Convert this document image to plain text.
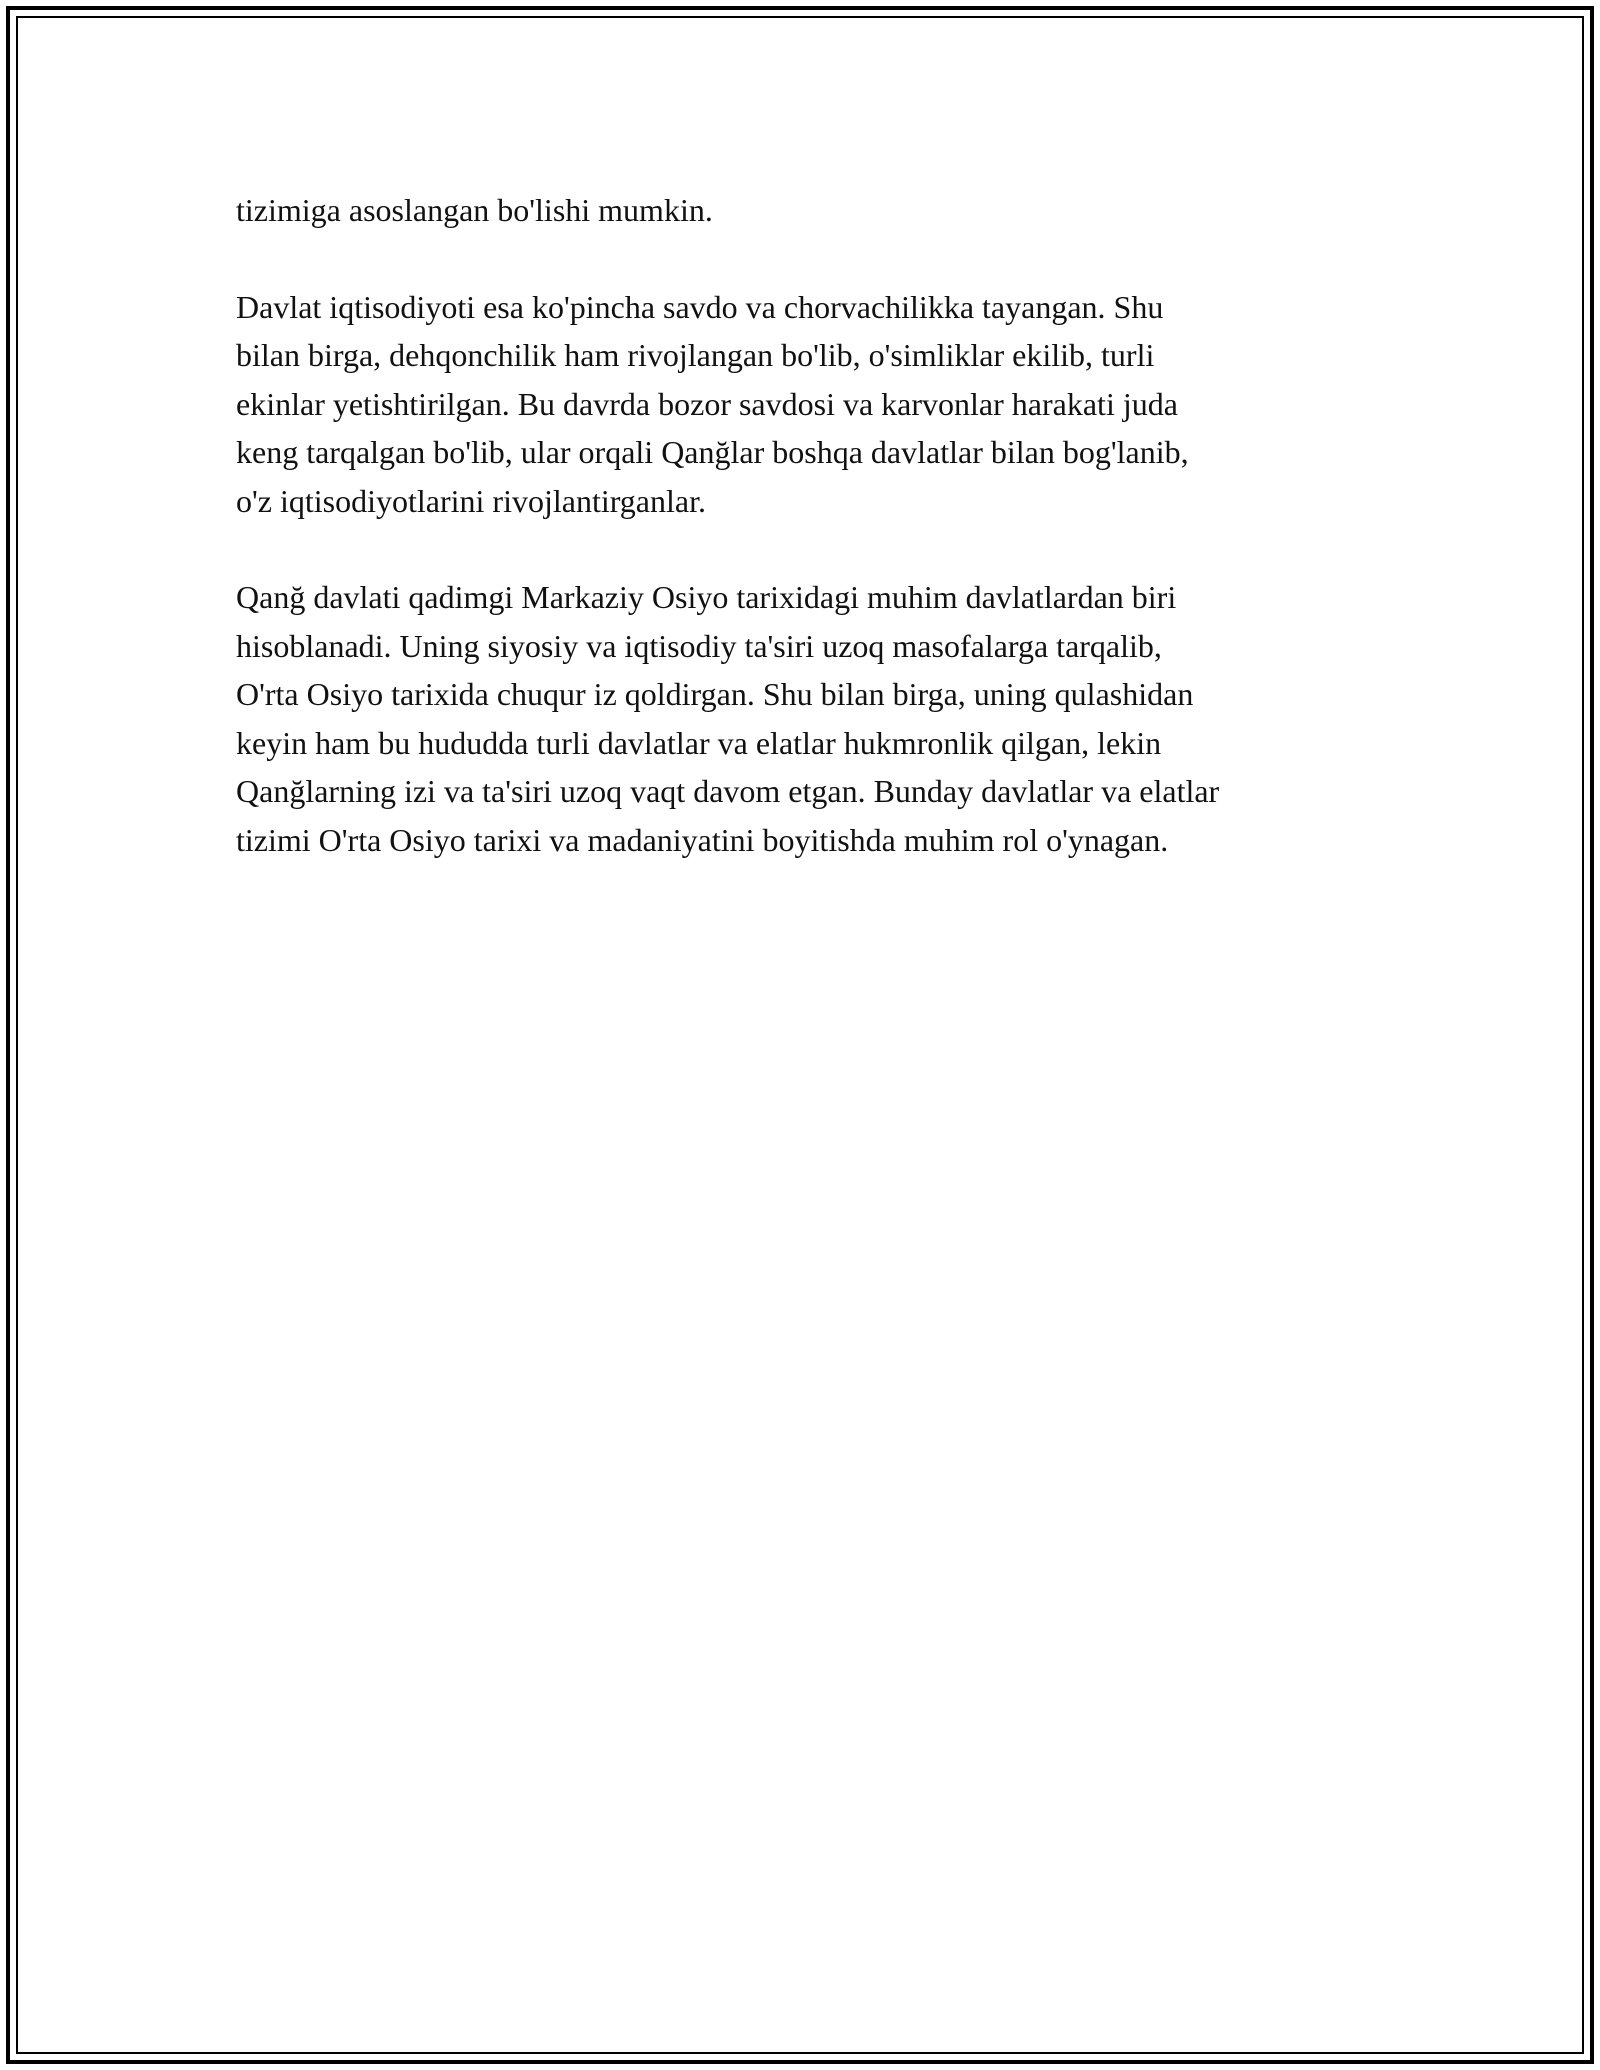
tizimiga asoslangan bo'lishi mumkin.

Davlat iqtisodiyoti esa ko'pincha savdo va chorvachilikka tayangan. Shu
bilan birga, dehqonchilik ham rivojlangan bo'lib, o'simliklar ekilib, turli
ekinlar yetishtirilgan. Bu davrda bozor savdosi va karvonlar harakati juda
keng tarqalgan bo'lib, ular orqali Qanğlar boshqa davlatlar bilan bog'lanib,
o'z iqtisodiyotlarini rivojlantirganlar.

Qanğ davlati qadimgi Markaziy Osiyo tarixidagi muhim davlatlardan biri
hisoblanadi. Uning siyosiy va iqtisodiy ta'siri uzoq masofalarga tarqalib,
O'rta Osiyo tarixida chuqur iz qoldirgan. Shu bilan birga, uning qulashidan
keyin ham bu hududda turli davlatlar va elatlar hukmronlik qilgan, lekin
Qanğlarning izi va ta'siri uzoq vaqt davom etgan. Bunday davlatlar va elatlar
tizimi O'rta Osiyo tarixi va madaniyatini boyitishda muhim rol o'ynagan.
